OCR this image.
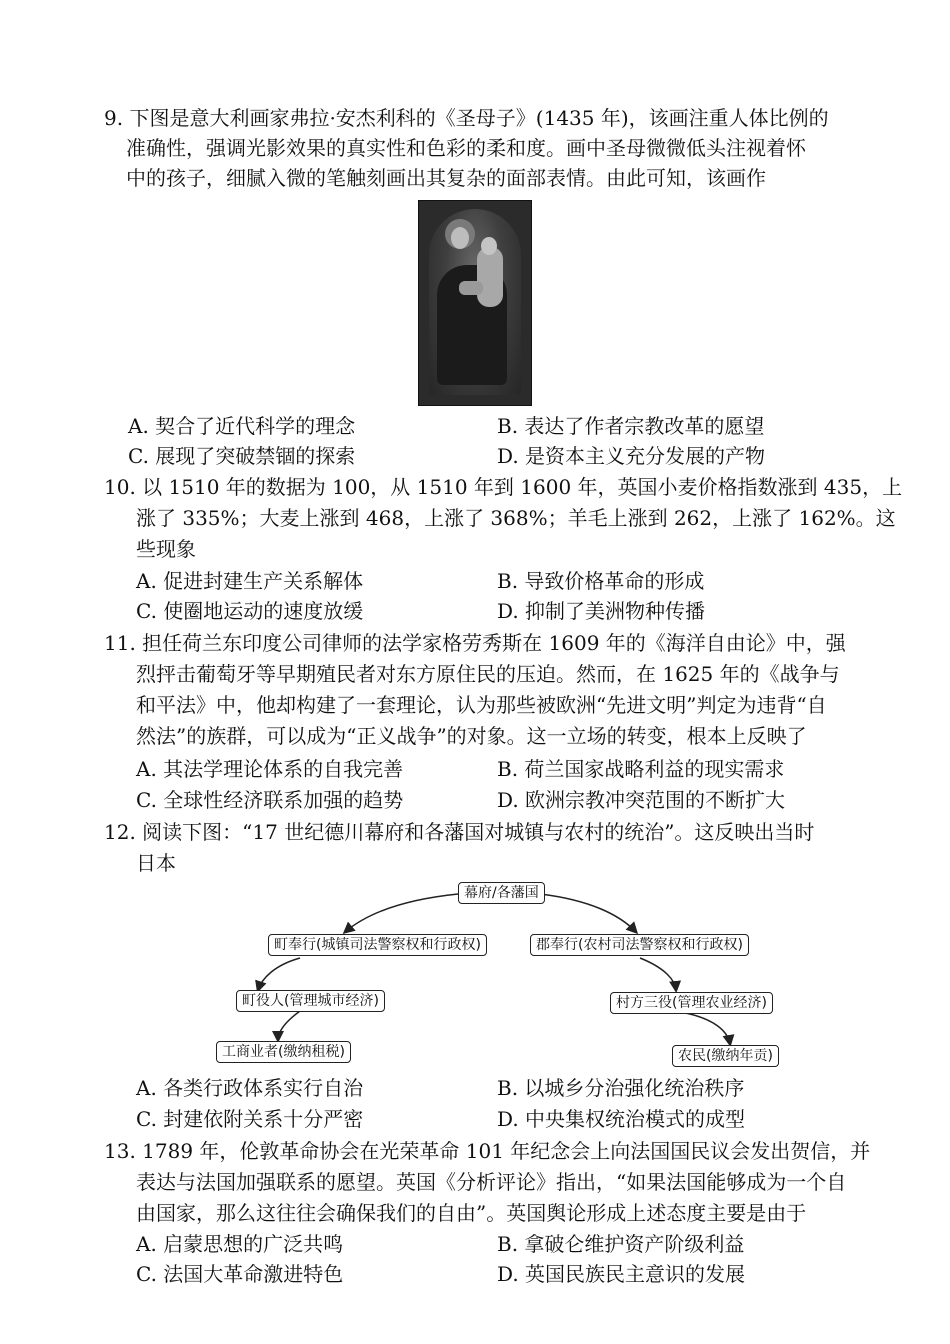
9. 下图是意大利画家弗拉·安杰利科的《圣母子》(1435 年)，该画注重人体比例的
准确性，强调光影效果的真实性和色彩的柔和度。画中圣母微微低头注视着怀
中的孩子，细腻入微的笔触刻画出其复杂的面部表情。由此可知，该画作
A. 契合了近代科学的理念	B. 表达了作者宗教改革的愿望
C. 展现了突破禁锢的探索	D. 是资本主义充分发展的产物
10. 以 1510 年的数据为 100，从 1510 年到 1600 年，英国小麦价格指数涨到 435，上
涨了 335%；大麦上涨到 468，上涨了 368%；羊毛上涨到 262，上涨了 162%。这
些现象
A. 促进封建生产关系解体	B. 导致价格革命的形成
C. 使圈地运动的速度放缓	D. 抑制了美洲物种传播
11. 担任荷兰东印度公司律师的法学家格劳秀斯在 1609 年的《海洋自由论》中，强
烈抨击葡萄牙等早期殖民者对东方原住民的压迫。然而，在 1625 年的《战争与
和平法》中，他却构建了一套理论，认为那些被欧洲“先进文明”判定为违背“自
然法”的族群，可以成为“正义战争”的对象。这一立场的转变，根本上反映了
A. 其法学理论体系的自我完善	B. 荷兰国家战略利益的现实需求
C. 全球性经济联系加强的趋势	D. 欧洲宗教冲突范围的不断扩大
12. 阅读下图：“17 世纪德川幕府和各藩国对城镇与农村的统治”。这反映出当时
日本
幕府/各藩国
町奉行(城镇司法警察权和行政权)	郡奉行(农村司法警察权和行政权)
町役人(管理城市经济)	村方三役(管理农业经济)
工商业者(缴纳租税)	农民(缴纳年贡)
A. 各类行政体系实行自治	B. 以城乡分治强化统治秩序
C. 封建依附关系十分严密	D. 中央集权统治模式的成型
13. 1789 年，伦敦革命协会在光荣革命 101 年纪念会上向法国国民议会发出贺信，并
表达与法国加强联系的愿望。英国《分析评论》指出，“如果法国能够成为一个自
由国家，那么这往往会确保我们的自由”。英国舆论形成上述态度主要是由于
A. 启蒙思想的广泛共鸣	B. 拿破仑维护资产阶级利益
C. 法国大革命激进特色	D. 英国民族民主意识的发展
